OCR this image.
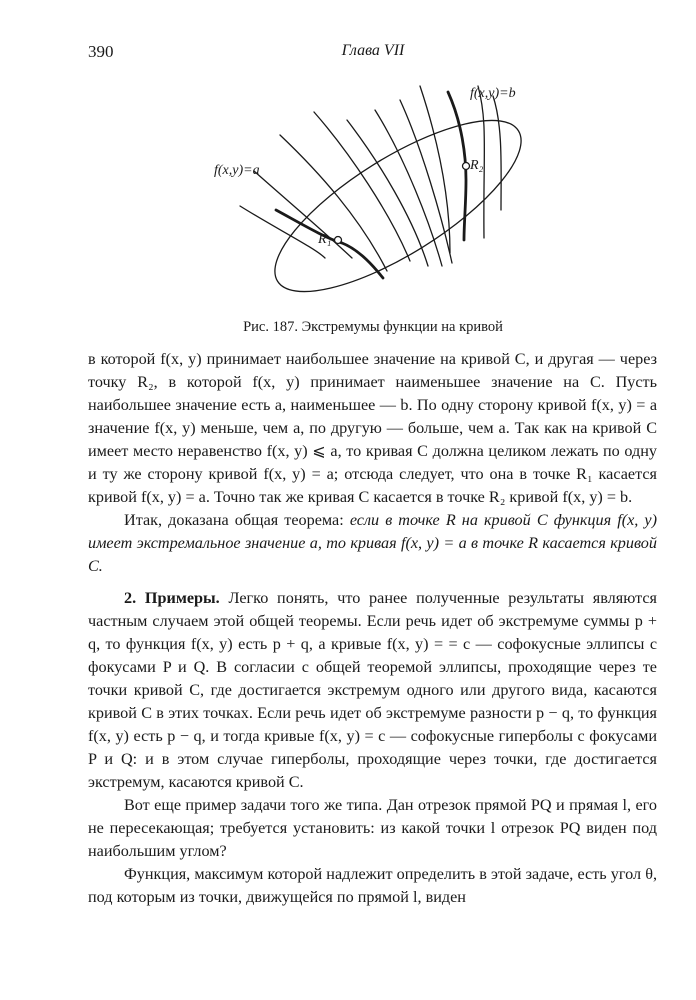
390	Глава VII
f(x,y)=a
f(x,y)=b
R₁
R₂
Рис. 187. Экстремумы функции на кривой

в которой f(x, y) принимает наибольшее значение на кривой C, и другая — через точку R₂, в которой f(x, y) принимает наименьшее значение на C. Пусть наибольшее значение есть a, наименьшее — b. По одну сторону кривой f(x, y) = a значение f(x, y) меньше, чем a, по другую — больше, чем a. Так как на кривой C имеет место неравенство f(x, y) ⩽ a, то кривая C должна целиком лежать по одну и ту же сторону кривой f(x, y) = a; отсюда следует, что она в точке R₁ касается кривой f(x, y) = a. Точно так же кривая C касается в точке R₂ кривой f(x, y) = b.

Итак, доказана общая теорема: если в точке R на кривой C функция f(x, y) имеет экстремальное значение a, то кривая f(x, y) = a в точке R касается кривой C.

2. Примеры. Легко понять, что ранее полученные результаты являются частным случаем этой общей теоремы. Если речь идет об экстремуме суммы p + q, то функция f(x, y) есть p + q, а кривые f(x, y) = = c — софокусные эллипсы с фокусами P и Q. В согласии с общей теоремой эллипсы, проходящие через те точки кривой C, где достигается экстремум одного или другого вида, касаются кривой C в этих точках. Если речь идет об экстремуме разности p − q, то функция f(x, y) есть p − q, и тогда кривые f(x, y) = c — софокусные гиперболы с фокусами P и Q: и в этом случае гиперболы, проходящие через точки, где достигается экстремум, касаются кривой C.

Вот еще пример задачи того же типа. Дан отрезок прямой PQ и прямая l, его не пересекающая; требуется установить: из какой точки l отрезок PQ виден под наибольшим углом?

Функция, максимум которой надлежит определить в этой задаче, есть угол θ, под которым из точки, движущейся по прямой l, виден
